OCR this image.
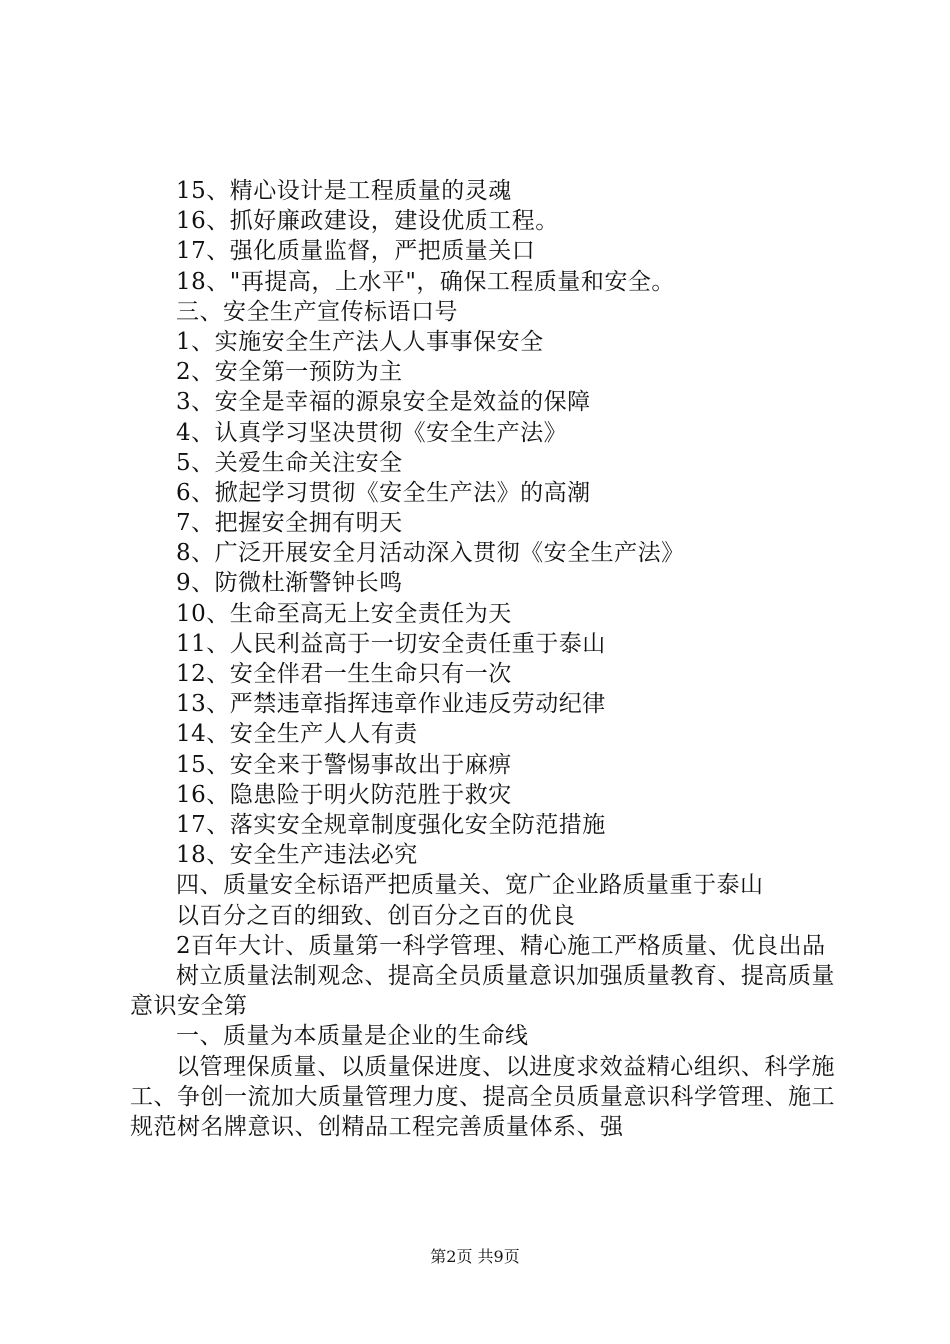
15、精心设计是工程质量的灵魂
16、抓好廉政建设，建设优质工程。
17、强化质量监督，严把质量关口
18、"再提高，上水平"，确保工程质量和安全。
三、安全生产宣传标语口号
1、实施安全生产法人人事事保安全
2、安全第一预防为主
3、安全是幸福的源泉安全是效益的保障
4、认真学习坚决贯彻《安全生产法》
5、关爱生命关注安全
6、掀起学习贯彻《安全生产法》的高潮
7、把握安全拥有明天
8、广泛开展安全月活动深入贯彻《安全生产法》
9、防微杜渐警钟长鸣
10、生命至高无上安全责任为天
11、人民利益高于一切安全责任重于泰山
12、安全伴君一生生命只有一次
13、严禁违章指挥违章作业违反劳动纪律
14、安全生产人人有责
15、安全来于警惕事故出于麻痹
16、隐患险于明火防范胜于救灾
17、落实安全规章制度强化安全防范措施
18、安全生产违法必究
四、质量安全标语严把质量关、宽广企业路质量重于泰山
以百分之百的细致、创百分之百的优良
2百年大计、质量第一科学管理、精心施工严格质量、优良出品
树立质量法制观念、提高全员质量意识加强质量教育、提高质量意识安全第
一、质量为本质量是企业的生命线
以管理保质量、以质量保进度、以进度求效益精心组织、科学施工、争创一流加大质量管理力度、提高全员质量意识科学管理、施工规范树名牌意识、创精品工程完善质量体系、强
第2页 共9页
